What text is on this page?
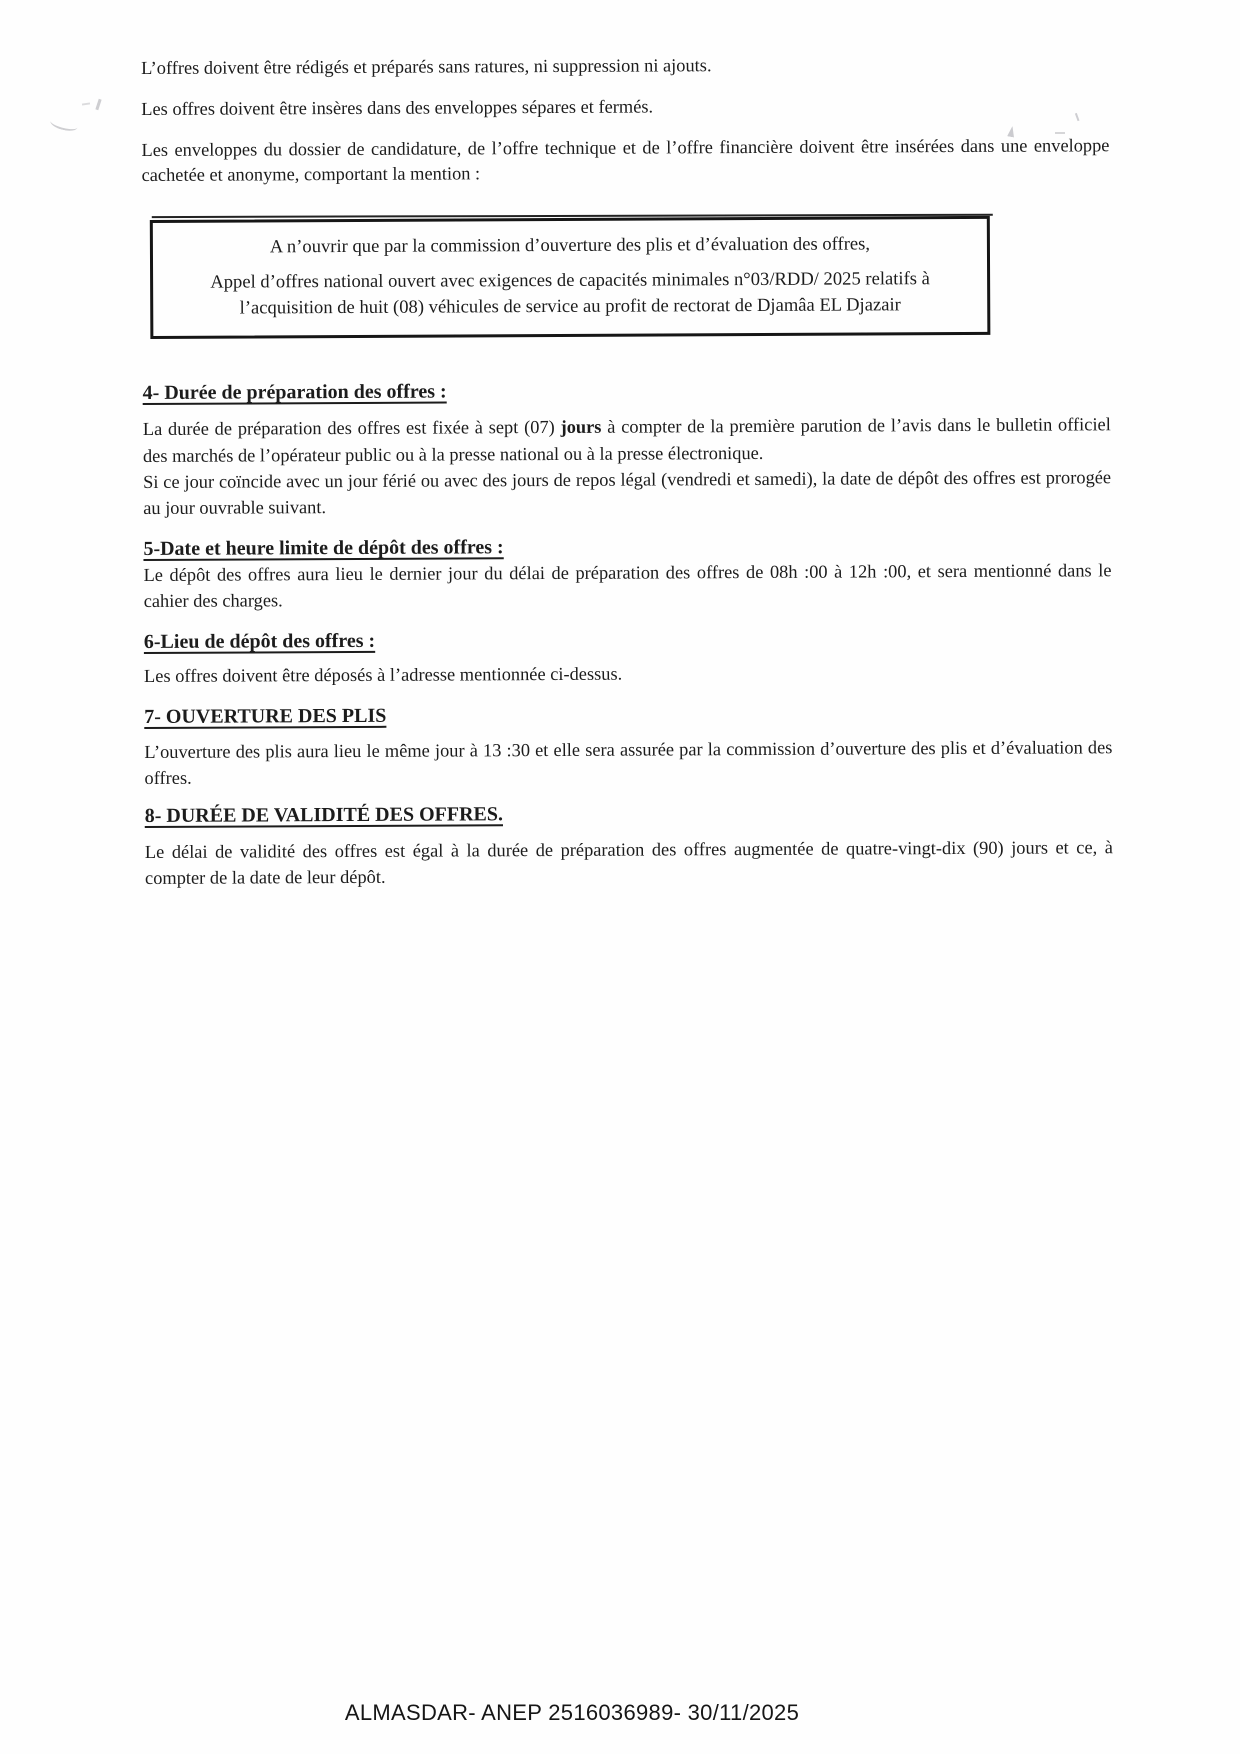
L’offres doivent être rédigés et préparés sans ratures, ni suppression ni ajouts.

Les offres doivent être insères dans des enveloppes sépares et fermés.

Les enveloppes du dossier de candidature, de l’offre technique et de l’offre financière doivent être insérées dans une enveloppe cachetée et anonyme, comportant la mention :

A n’ouvrir que par la commission d’ouverture des plis et d’évaluation des offres,

Appel d’offres national ouvert avec exigences de capacités minimales n°03/RDD/ 2025 relatifs à l’acquisition de huit (08) véhicules de service au profit de rectorat de Djamâa EL Djazair

4- Durée de préparation des offres :

La durée de préparation des offres est fixée à sept (07) jours à compter de la première parution de l’avis dans le bulletin officiel des marchés de l’opérateur public ou à la presse national ou à la presse électronique.

Si ce jour coïncide avec un jour férié ou avec des jours de repos légal (vendredi et samedi), la date de dépôt des offres est prorogée au jour ouvrable suivant.

5-Date et heure limite de dépôt des offres :

Le dépôt des offres aura lieu le dernier jour du délai de préparation des offres de 08h :00 à 12h :00, et sera mentionné dans le cahier des charges.

6-Lieu de dépôt des offres :

Les offres doivent être déposés à l’adresse mentionnée ci-dessus.

7- OUVERTURE DES PLIS

L’ouverture des plis aura lieu le même jour à 13 :30 et elle sera assurée par la commission d’ouverture des plis et d’évaluation des offres.

8- DURÉE DE VALIDITÉ DES OFFRES.

Le délai de validité des offres est égal à la durée de préparation des offres augmentée de quatre-vingt-dix (90) jours et ce, à compter de la date de leur dépôt.

ALMASDAR- ANEP 2516036989- 30/11/2025
